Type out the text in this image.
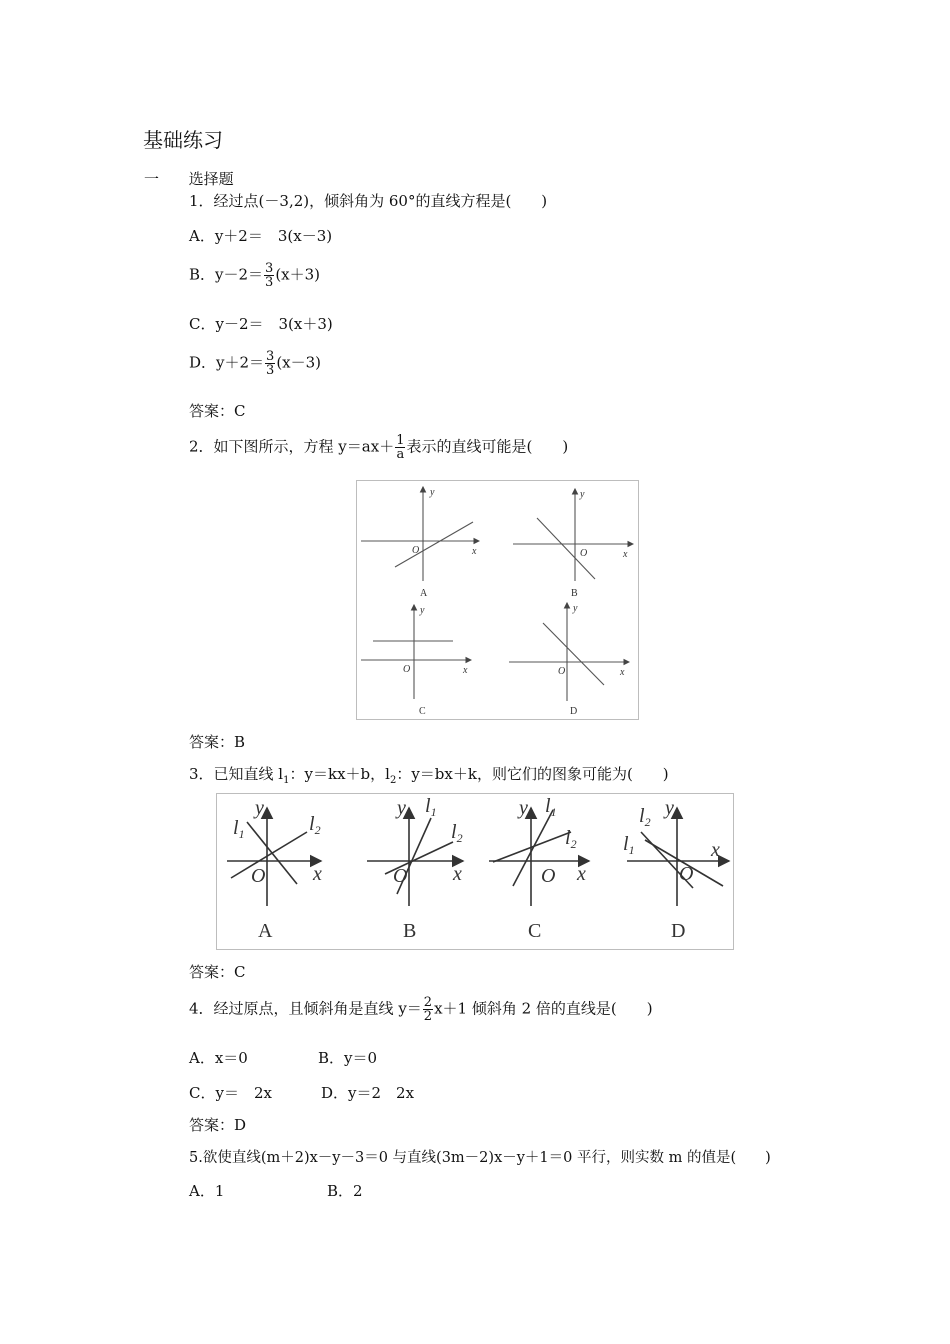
基础练习
一 选择题
1．经过点(－3,2)，倾斜角为 60°的直线方程是(　　)
A．y＋2＝　3(x－3)
B．$y-2= \frac{3}{3} (x+3)$
C．y－2＝　3(x＋3)
D．$y+2= \frac{3}{3} (x-3)$
答案：C
2．如下图所示，方程 $y=ax+ \frac{1}{a}$ 表示的直线可能是(　　)
y
x
O
y
x
O
y
x
O
y
x
O
A	B
C	D
答案：B
3．已知直线 $l_1$：y＝kx＋b，$l_2$：y＝bx＋k，则它们的图象可能为(　　)
y
x
O
$l_1$	$l_2$
y
x
O
$l_1$
$l_2$
y
x
O
$l_1$
$l_2$
y
x
O
$l_1$
$l_2$
A	B	C	D
答案：C
4．经过原点，且倾斜角是直线 $y= \frac{2}{2} x+1$ 倾斜角 2 倍的直线是(　　)
A．x＝0	B．y＝0
C．y＝　2x	D．y＝2　2x
答案：D
5.欲使直线(m＋2)x－y－3＝0 与直线(3m－2)x－y＋1＝0 平行，则实数 m 的值是(　　)
A．1	B．2
